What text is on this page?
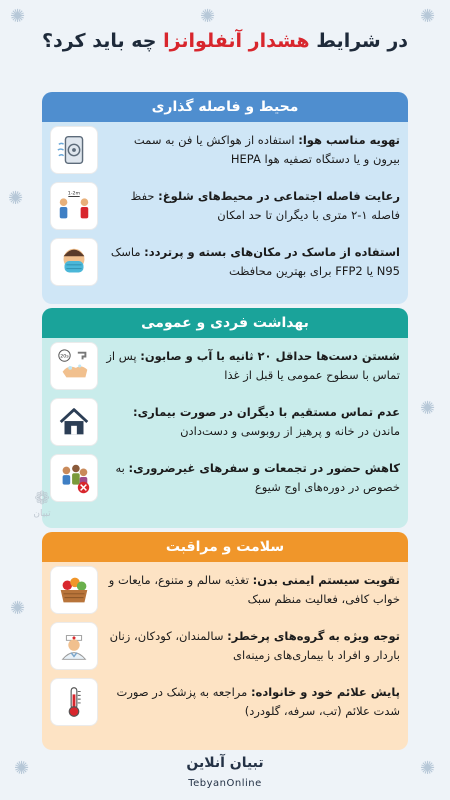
✺	✺	✺
✺
✺
✺
✺
✺
در شرایط هشدار آنفلوانزا چه باید کرد؟
محیط و فاصله گذاری
تهویه مناسب هوا: استفاده از هواکش یا فن به سمت بیرون و یا دستگاه تصفیه هوا HEPA
رعایت فاصله اجتماعی در محیط‌های شلوغ: حفظ فاصله ۱-۲ متری با دیگران تا حد امکان
1-2m
استفاده از ماسک در مکان‌های بسته و پرتردد: ماسک N95 یا FFP2 برای بهترین محافظت
بهداشت فردی و عمومی
شستن دست‌ها حداقل ۲۰ ثانیه با آب و صابون: پس از تماس با سطوح عمومی یا قبل از غذا
20s
عدم تماس مستقیم با دیگران در صورت بیماری: ماندن در خانه و پرهیز از روبوسی و دست‌دادن
کاهش حضور در تجمعات و سفرهای غیرضروری: به خصوص در دوره‌های اوج شیوع
❁
تبیان
سلامت و مراقبت
تقویت سیستم ایمنی بدن: تغذیه سالم و متنوع، مایعات و خواب کافی، فعالیت منظم سبک
توجه ویژه به گروه‌های پرخطر: سالمندان، کودکان، زنان باردار و افراد با بیماری‌های زمینه‌ای
پایش علائم خود و خانواده: مراجعه به پزشک در صورت شدت علائم (تب، سرفه، گلودرد)
تبیان آنلاین
TebyanOnline
